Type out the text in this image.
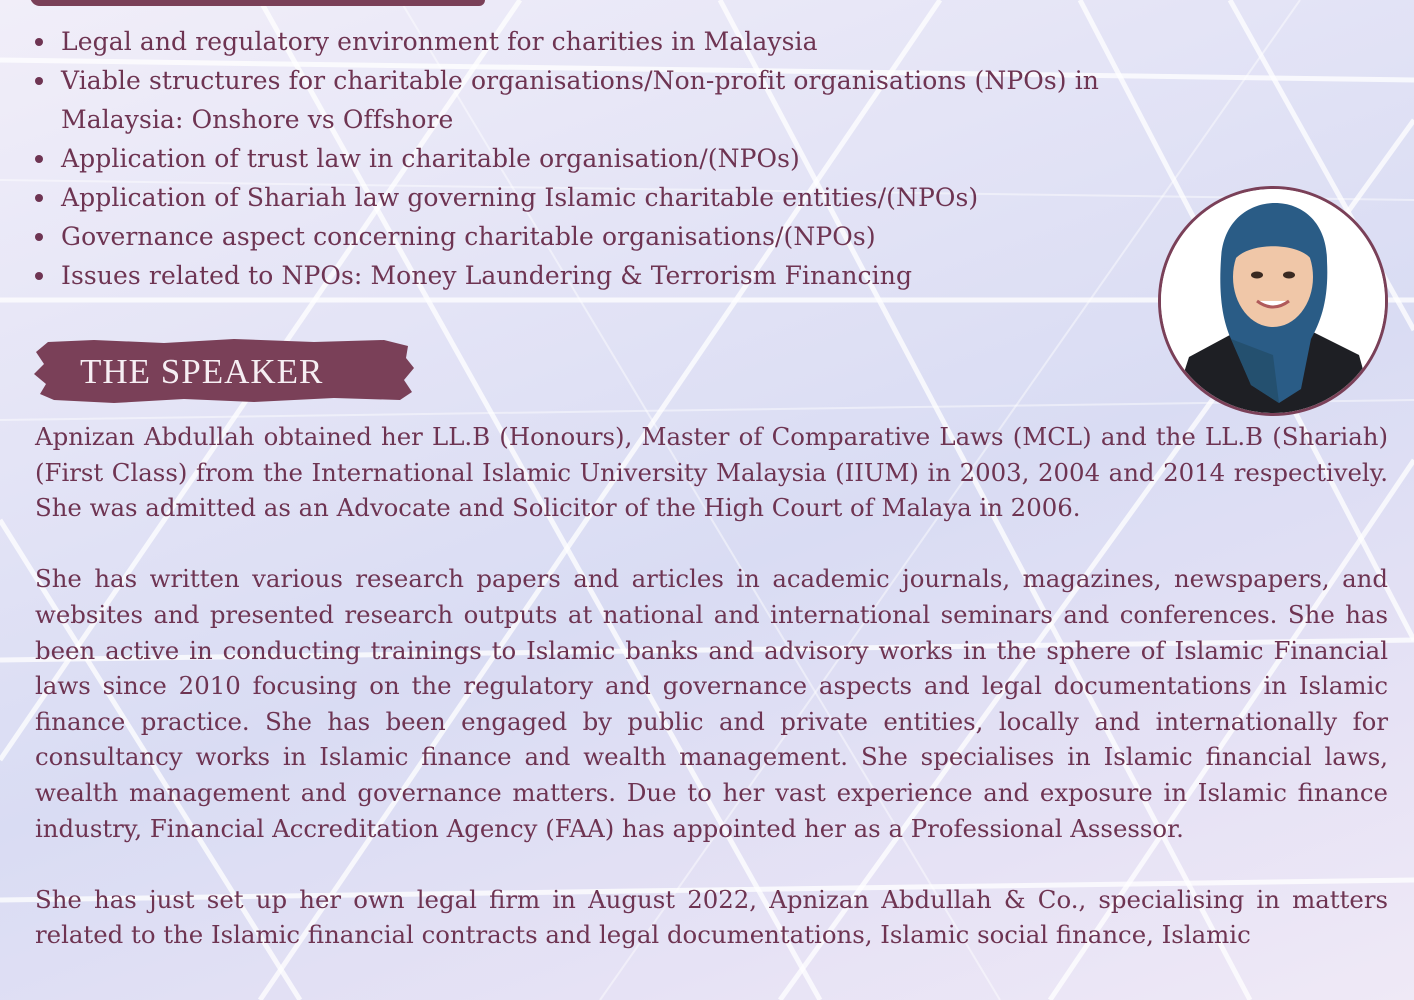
Legal and regulatory environment for charities in Malaysia
Viable structures for charitable organisations/Non-profit organisations (NPOs) in Malaysia: Onshore vs Offshore
Application of trust law in charitable organisation/(NPOs)
Application of Shariah law governing Islamic charitable entities/(NPOs)
Governance aspect concerning charitable organisations/(NPOs)
Issues related to NPOs: Money Laundering & Terrorism Financing
THE SPEAKER

Apnizan Abdullah obtained her LL.B (Honours), Master of Comparative Laws (MCL) and the LL.B (Shariah) (First Class) from the International Islamic University Malaysia (IIUM) in 2003, 2004 and 2014 respectively. She was admitted as an Advocate and Solicitor of the High Court of Malaya in 2006.

She has written various research papers and articles in academic journals, magazines, newspapers, and websites and presented research outputs at national and international seminars and conferences. She has been active in conducting trainings to Islamic banks and advisory works in the sphere of Islamic Financial laws since 2010 focusing on the regulatory and governance aspects and legal documentations in Islamic finance practice. She has been engaged by public and private entities, locally and internationally for consultancy works in Islamic finance and wealth management. She specialises in Islamic financial laws, wealth management and governance matters. Due to her vast experience and exposure in Islamic finance industry, Financial Accreditation Agency (FAA) has appointed her as a Professional Assessor.

She has just set up her own legal firm in August 2022, Apnizan Abdullah & Co., specialising in matters related to the Islamic financial contracts and legal documentations, Islamic social finance, Islamic
